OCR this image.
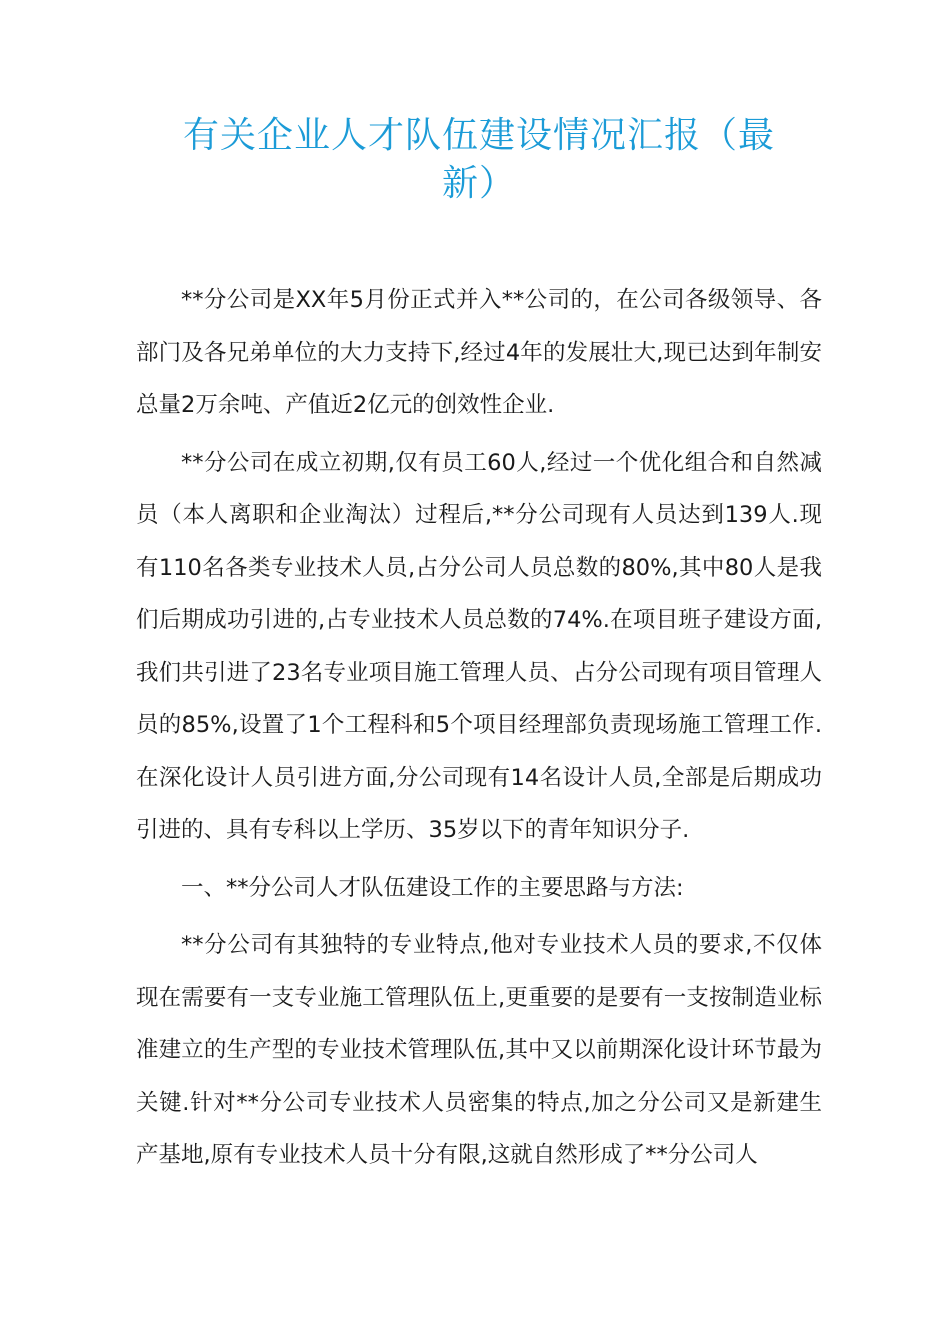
有关企业人才队伍建设情况汇报（最新）

**分公司是XX年5月份正式并入**公司的，在公司各级领导、各部门及各兄弟单位的大力支持下,经过4年的发展壮大,现已达到年制安总量2万余吨、产值近2亿元的创效性企业.

**分公司在成立初期,仅有员工60人,经过一个优化组合和自然减员（本人离职和企业淘汰）过程后,**分公司现有人员达到139人.现有110名各类专业技术人员,占分公司人员总数的80%,其中80人是我们后期成功引进的,占专业技术人员总数的74%.在项目班子建设方面,我们共引进了23名专业项目施工管理人员、占分公司现有项目管理人员的85%,设置了1个工程科和5个项目经理部负责现场施工管理工作.在深化设计人员引进方面,分公司现有14名设计人员,全部是后期成功引进的、具有专科以上学历、35岁以下的青年知识分子.

一、**分公司人才队伍建设工作的主要思路与方法:

**分公司有其独特的专业特点,他对专业技术人员的要求,不仅体现在需要有一支专业施工管理队伍上,更重要的是要有一支按制造业标准建立的生产型的专业技术管理队伍,其中又以前期深化设计环节最为关键.针对**分公司专业技术人员密集的特点,加之分公司又是新建生产基地,原有专业技术人员十分有限,这就自然形成了**分公司人
